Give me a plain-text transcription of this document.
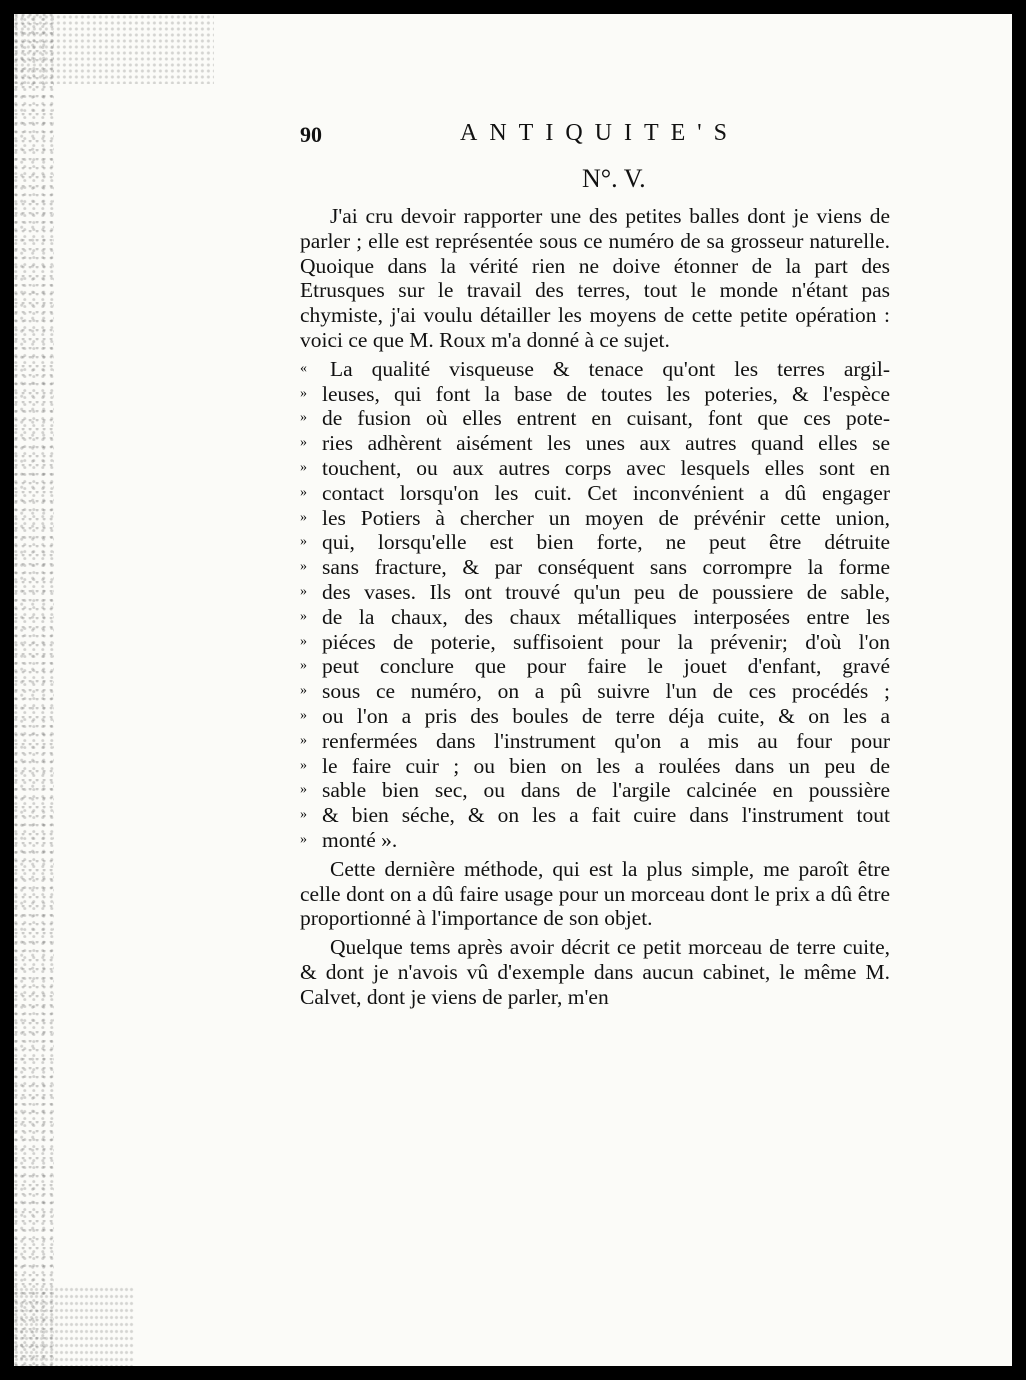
90	ANTIQUITE'S
N°. V.

J'ai cru devoir rapporter une des petites balles dont je viens de parler ; elle est représentée sous ce numéro de sa grosseur naturelle. Quoique dans la vérité rien ne doive étonner de la part des Etrusques sur le travail des terres, tout le monde n'étant pas chymiste, j'ai voulu détailler les moyens de cette petite opération : voici ce que M. Roux m'a donné à ce sujet.

« La qualité visqueuse & tenace qu'ont les terres argil-
» leuses, qui font la base de toutes les poteries, & l'espèce
» de fusion où elles entrent en cuisant, font que ces pote-
» ries adhèrent aisément les unes aux autres quand elles se
» touchent, ou aux autres corps avec lesquels elles sont en
» contact lorsqu'on les cuit. Cet inconvénient a dû engager
» les Potiers à chercher un moyen de prévénir cette union,
» qui, lorsqu'elle est bien forte, ne peut être détruite
» sans fracture, & par conséquent sans corrompre la forme
» des vases. Ils ont trouvé qu'un peu de poussiere de sable,
» de la chaux, des chaux métalliques interposées entre les
» piéces de poterie, suffisoient pour la prévenir; d'où l'on
» peut conclure que pour faire le jouet d'enfant, gravé
» sous ce numéro, on a pû suivre l'un de ces procédés ;
» ou l'on a pris des boules de terre déja cuite, & on les a
» renfermées dans l'instrument qu'on a mis au four pour
» le faire cuir ; ou bien on les a roulées dans un peu de
» sable bien sec, ou dans de l'argile calcinée en poussière
» & bien séche, & on les a fait cuire dans l'instrument tout
» monté ».

Cette dernière méthode, qui est la plus simple, me paroît être celle dont on a dû faire usage pour un morceau dont le prix a dû être proportionné à l'importance de son objet.

Quelque tems après avoir décrit ce petit morceau de terre cuite, & dont je n'avois vû d'exemple dans aucun cabinet, le même M. Calvet, dont je viens de parler, m'en
